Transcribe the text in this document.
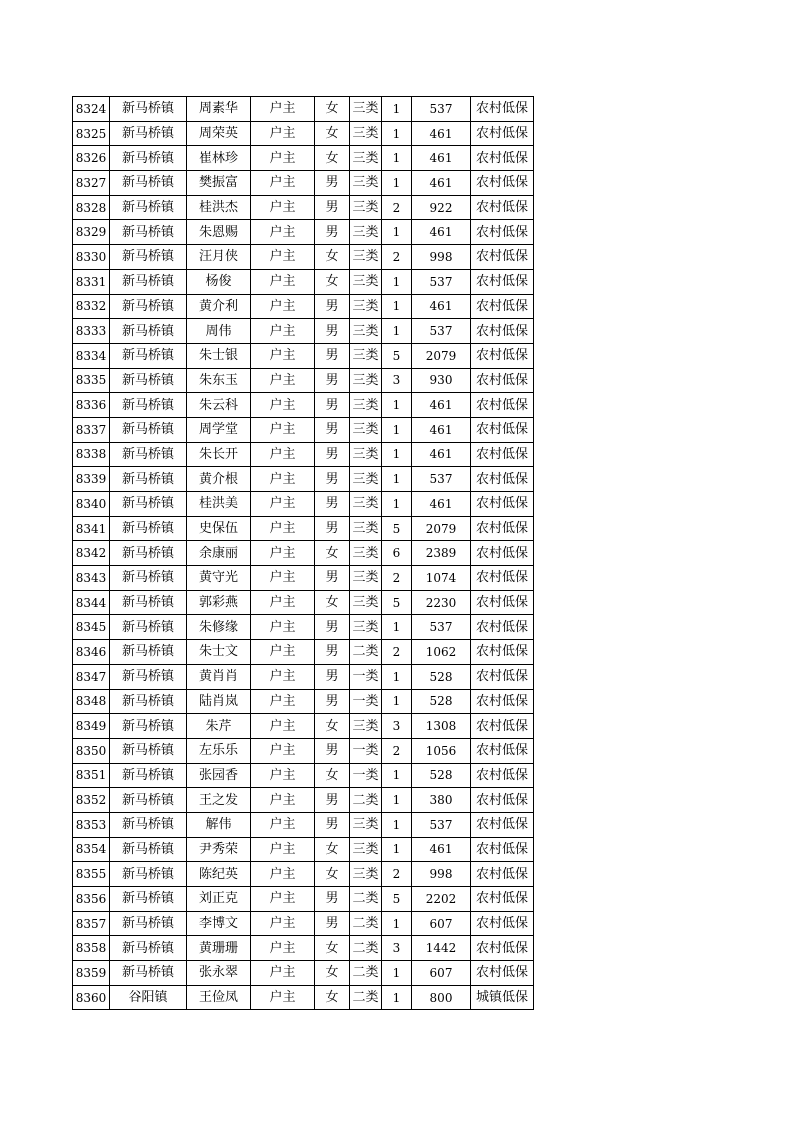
8324	新马桥镇	周素华	户主	女	三类	1	537	农村低保
8325	新马桥镇	周荣英	户主	女	三类	1	461	农村低保
8326	新马桥镇	崔林珍	户主	女	三类	1	461	农村低保
8327	新马桥镇	樊振富	户主	男	三类	1	461	农村低保
8328	新马桥镇	桂洪杰	户主	男	三类	2	922	农村低保
8329	新马桥镇	朱恩赐	户主	男	三类	1	461	农村低保
8330	新马桥镇	汪月侠	户主	女	三类	2	998	农村低保
8331	新马桥镇	杨俊	户主	女	三类	1	537	农村低保
8332	新马桥镇	黄介利	户主	男	三类	1	461	农村低保
8333	新马桥镇	周伟	户主	男	三类	1	537	农村低保
8334	新马桥镇	朱士银	户主	男	三类	5	2079	农村低保
8335	新马桥镇	朱东玉	户主	男	三类	3	930	农村低保
8336	新马桥镇	朱云科	户主	男	三类	1	461	农村低保
8337	新马桥镇	周学堂	户主	男	三类	1	461	农村低保
8338	新马桥镇	朱长开	户主	男	三类	1	461	农村低保
8339	新马桥镇	黄介根	户主	男	三类	1	537	农村低保
8340	新马桥镇	桂洪美	户主	男	三类	1	461	农村低保
8341	新马桥镇	史保伍	户主	男	三类	5	2079	农村低保
8342	新马桥镇	余康丽	户主	女	三类	6	2389	农村低保
8343	新马桥镇	黄守光	户主	男	三类	2	1074	农村低保
8344	新马桥镇	郭彩燕	户主	女	三类	5	2230	农村低保
8345	新马桥镇	朱修缘	户主	男	三类	1	537	农村低保
8346	新马桥镇	朱士文	户主	男	二类	2	1062	农村低保
8347	新马桥镇	黄肖肖	户主	男	一类	1	528	农村低保
8348	新马桥镇	陆肖岚	户主	男	一类	1	528	农村低保
8349	新马桥镇	朱芹	户主	女	三类	3	1308	农村低保
8350	新马桥镇	左乐乐	户主	男	一类	2	1056	农村低保
8351	新马桥镇	张园香	户主	女	一类	1	528	农村低保
8352	新马桥镇	王之发	户主	男	二类	1	380	农村低保
8353	新马桥镇	解伟	户主	男	三类	1	537	农村低保
8354	新马桥镇	尹秀荣	户主	女	三类	1	461	农村低保
8355	新马桥镇	陈纪英	户主	女	三类	2	998	农村低保
8356	新马桥镇	刘正克	户主	男	二类	5	2202	农村低保
8357	新马桥镇	李博文	户主	男	二类	1	607	农村低保
8358	新马桥镇	黄珊珊	户主	女	二类	3	1442	农村低保
8359	新马桥镇	张永翠	户主	女	二类	1	607	农村低保
8360	谷阳镇	王俭凤	户主	女	二类	1	800	城镇低保
